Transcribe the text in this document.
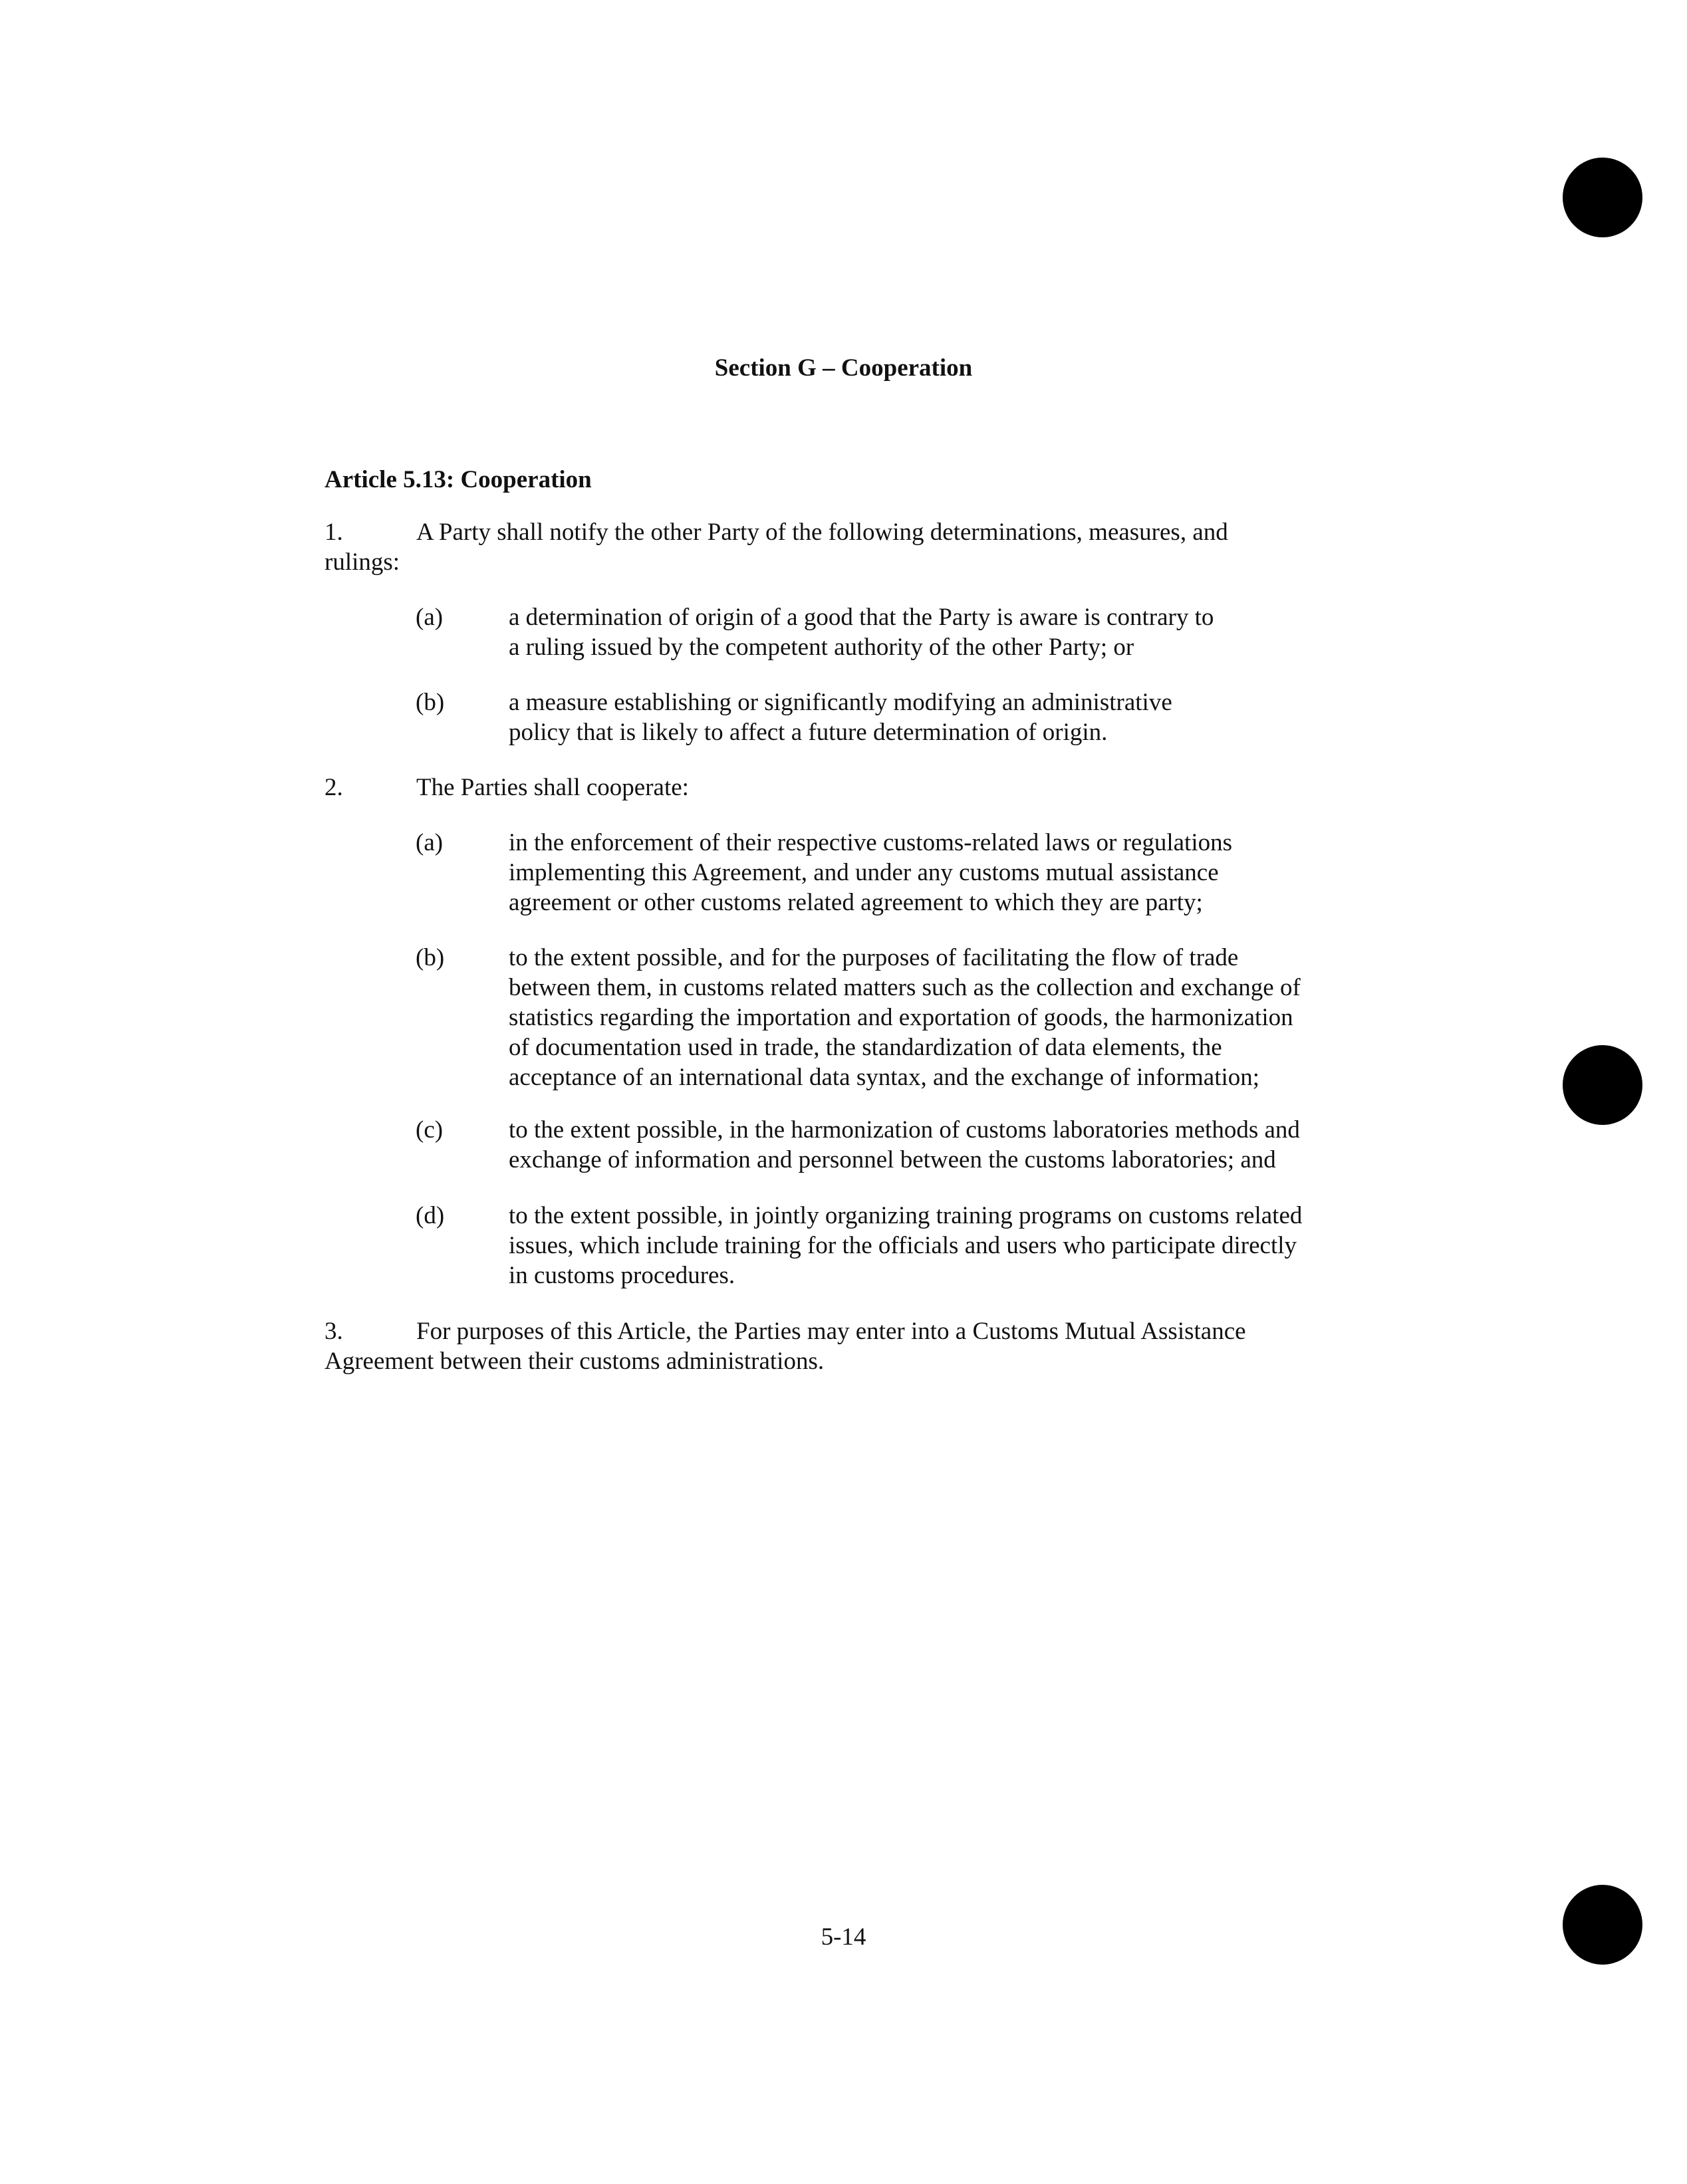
Section G – Cooperation
Article 5.13: Cooperation
1.	A Party shall notify the other Party of the following determinations, measures, and
rulings:
(a)	a determination of origin of a good that the Party is aware is contrary to
a ruling issued by the competent authority of the other Party; or
(b)	a measure establishing or significantly modifying an administrative
policy that is likely to affect a future determination of origin.
2.	The Parties shall cooperate:
(a)	in the enforcement of their respective customs-related laws or regulations
implementing this Agreement, and under any customs mutual assistance
agreement or other customs related agreement to which they are party;
(b)	to the extent possible, and for the purposes of facilitating the flow of trade
between them, in customs related matters such as the collection and exchange of
statistics regarding the importation and exportation of goods, the harmonization
of documentation used in trade, the standardization of data elements, the
acceptance of an international data syntax, and the exchange of information;
(c)	to the extent possible, in the harmonization of customs laboratories methods and
exchange of information and personnel between the customs laboratories; and
(d)	to the extent possible, in jointly organizing training programs on customs related
issues, which include training for the officials and users who participate directly
in customs procedures.
3.	For purposes of this Article, the Parties may enter into a Customs Mutual Assistance
Agreement between their customs administrations.
5-14
